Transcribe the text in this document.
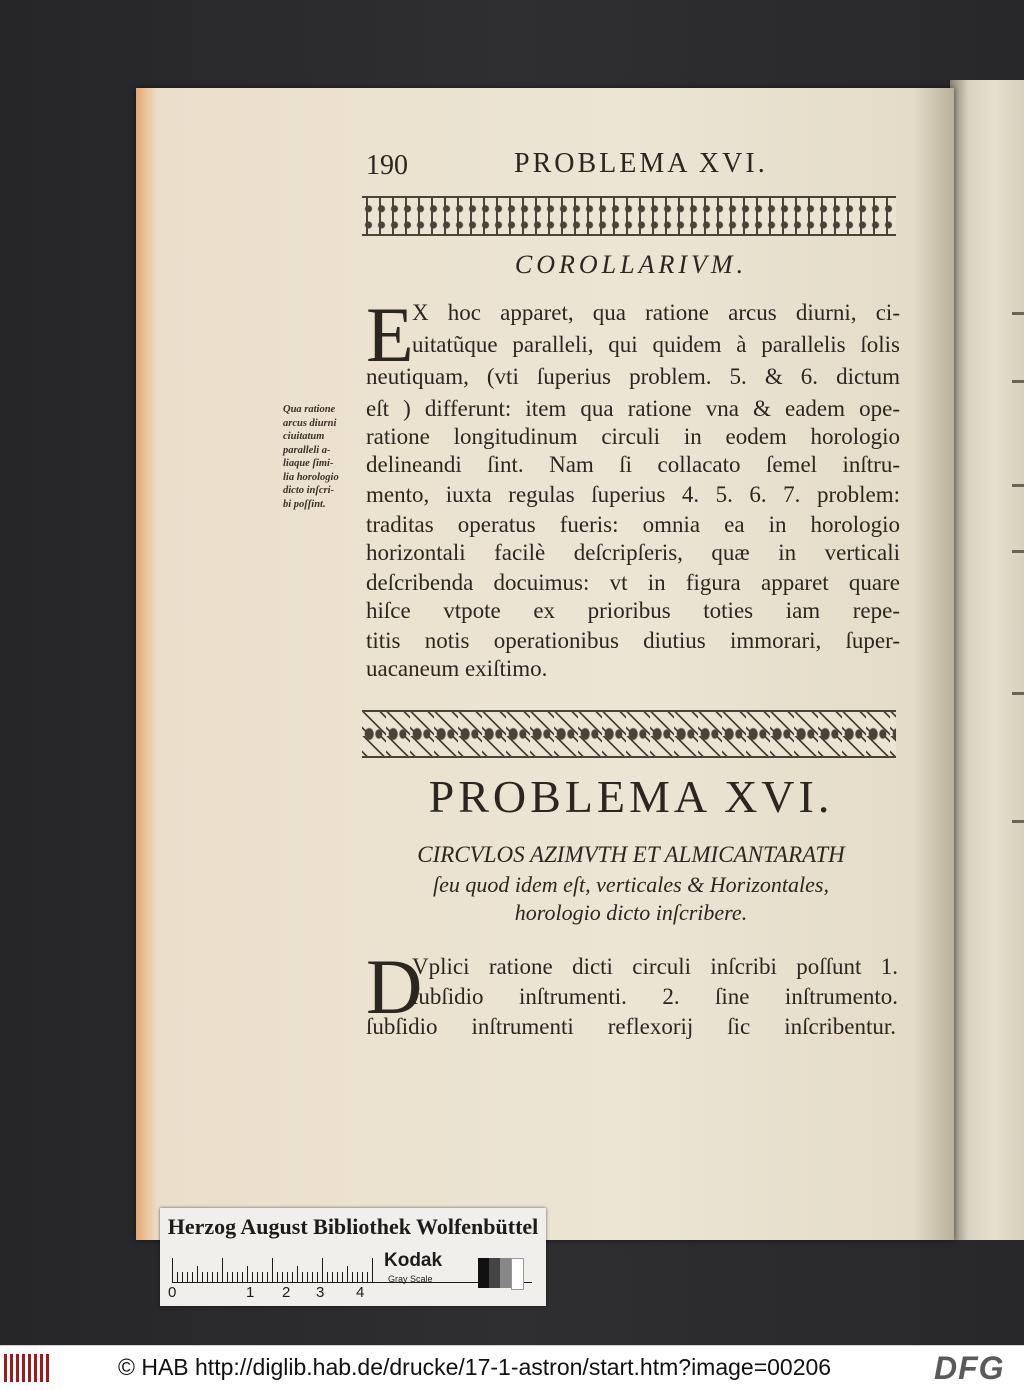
190	PROBLEMA XVI.
COROLLARIVM.
E
X hoc apparet, qua ratione arcus diurni, ci-
uitatũque paralleli, qui quidem à parallelis ſolis
neutiquam, (vti ſuperius problem. 5. & 6. dictum
eſt ) differunt: item qua ratione vna & eadem ope-
ratione longitudinum circuli in eodem horologio
delineandi ſint. Nam ſi collacato ſemel inſtru-
mento, iuxta regulas ſuperius 4. 5. 6. 7. problem:
traditas operatus fueris: omnia ea in horologio
horizontali facilè deſcripſeris, quæ in verticali
deſcribenda docuimus: vt in figura apparet quare
hiſce vtpote ex prioribus toties iam repe-
titis notis operationibus diutius immorari, ſuper-
uacaneum exiſtimo.
Qua ratione
arcus diurni
ciuitatum
paralleli a-
liaque ſimi-
lia horologio
dicto inſcri-
bi poſſint.
PROBLEMA XVI.
CIRCVLOS AZIMVTH ET ALMICANTARATH
ſeu quod idem eſt, verticales & Horizontales,
horologio dicto inſcribere.
D
Vplici ratione dicti circuli inſcribi poſſunt 1.
ſubſidio inſtrumenti. 2. ſine inſtrumento.
ſubſidio inſtrumenti reflexorij ſic inſcribentur.
Herzog August Bibliothek Wolfenbüttel
0	1 2 3 4
Kodak
Gray Scale
© HAB http://diglib.hab.de/drucke/17-1-astron/start.htm?image=00206	DFG
